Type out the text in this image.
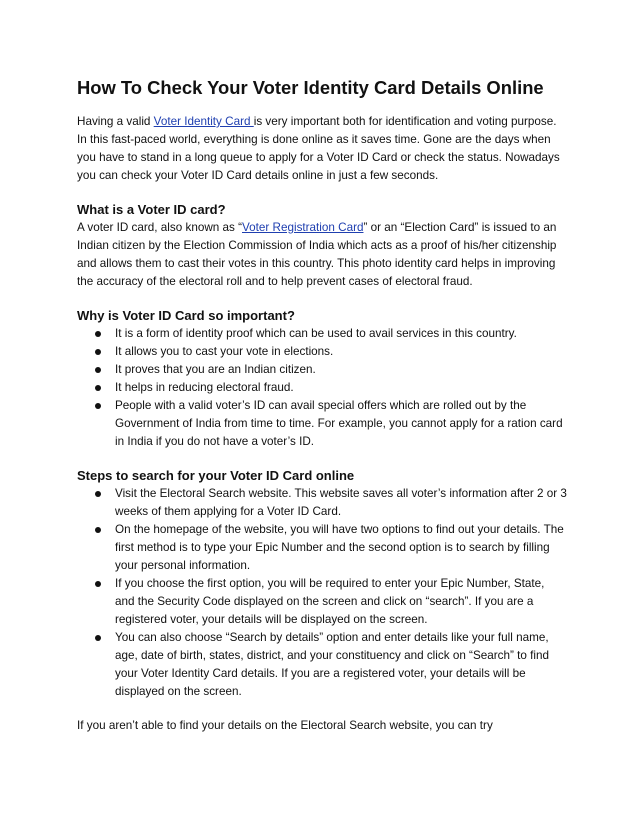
How To Check Your Voter Identity Card Details Online

Having a valid Voter Identity Card is very important both for identification and voting purpose. In this fast-paced world, everything is done online as it saves time. Gone are the days when you have to stand in a long queue to apply for a Voter ID Card or check the status. Nowadays you can check your Voter ID Card details online in just a few seconds.

What is a Voter ID card?

A voter ID card, also known as “Voter Registration Card” or an “Election Card” is issued to an Indian citizen by the Election Commission of India which acts as a proof of his/her citizenship and allows them to cast their votes in this country. This photo identity card helps in improving the accuracy of the electoral roll and to help prevent cases of electoral fraud.

Why is Voter ID Card so important?
It is a form of identity proof which can be used to avail services in this country.
It allows you to cast your vote in elections.
It proves that you are an Indian citizen.
It helps in reducing electoral fraud.
People with a valid voter’s ID can avail special offers which are rolled out by the Government of India from time to time. For example, you cannot apply for a ration card in India if you do not have a voter’s ID.
Steps to search for your Voter ID Card online
Visit the Electoral Search website. This website saves all voter’s information after 2 or 3 weeks of them applying for a Voter ID Card.
On the homepage of the website, you will have two options to find out your details. The first method is to type your Epic Number and the second option is to search by filling your personal information.
If you choose the first option, you will be required to enter your Epic Number, State, and the Security Code displayed on the screen and click on “search”. If you are a registered voter, your details will be displayed on the screen.
You can also choose “Search by details” option and enter details like your full name, age, date of birth, states, district, and your constituency and click on “Search” to find your Voter Identity Card details. If you are a registered voter, your details will be displayed on the screen.

If you aren’t able to find your details on the Electoral Search website, you can try
